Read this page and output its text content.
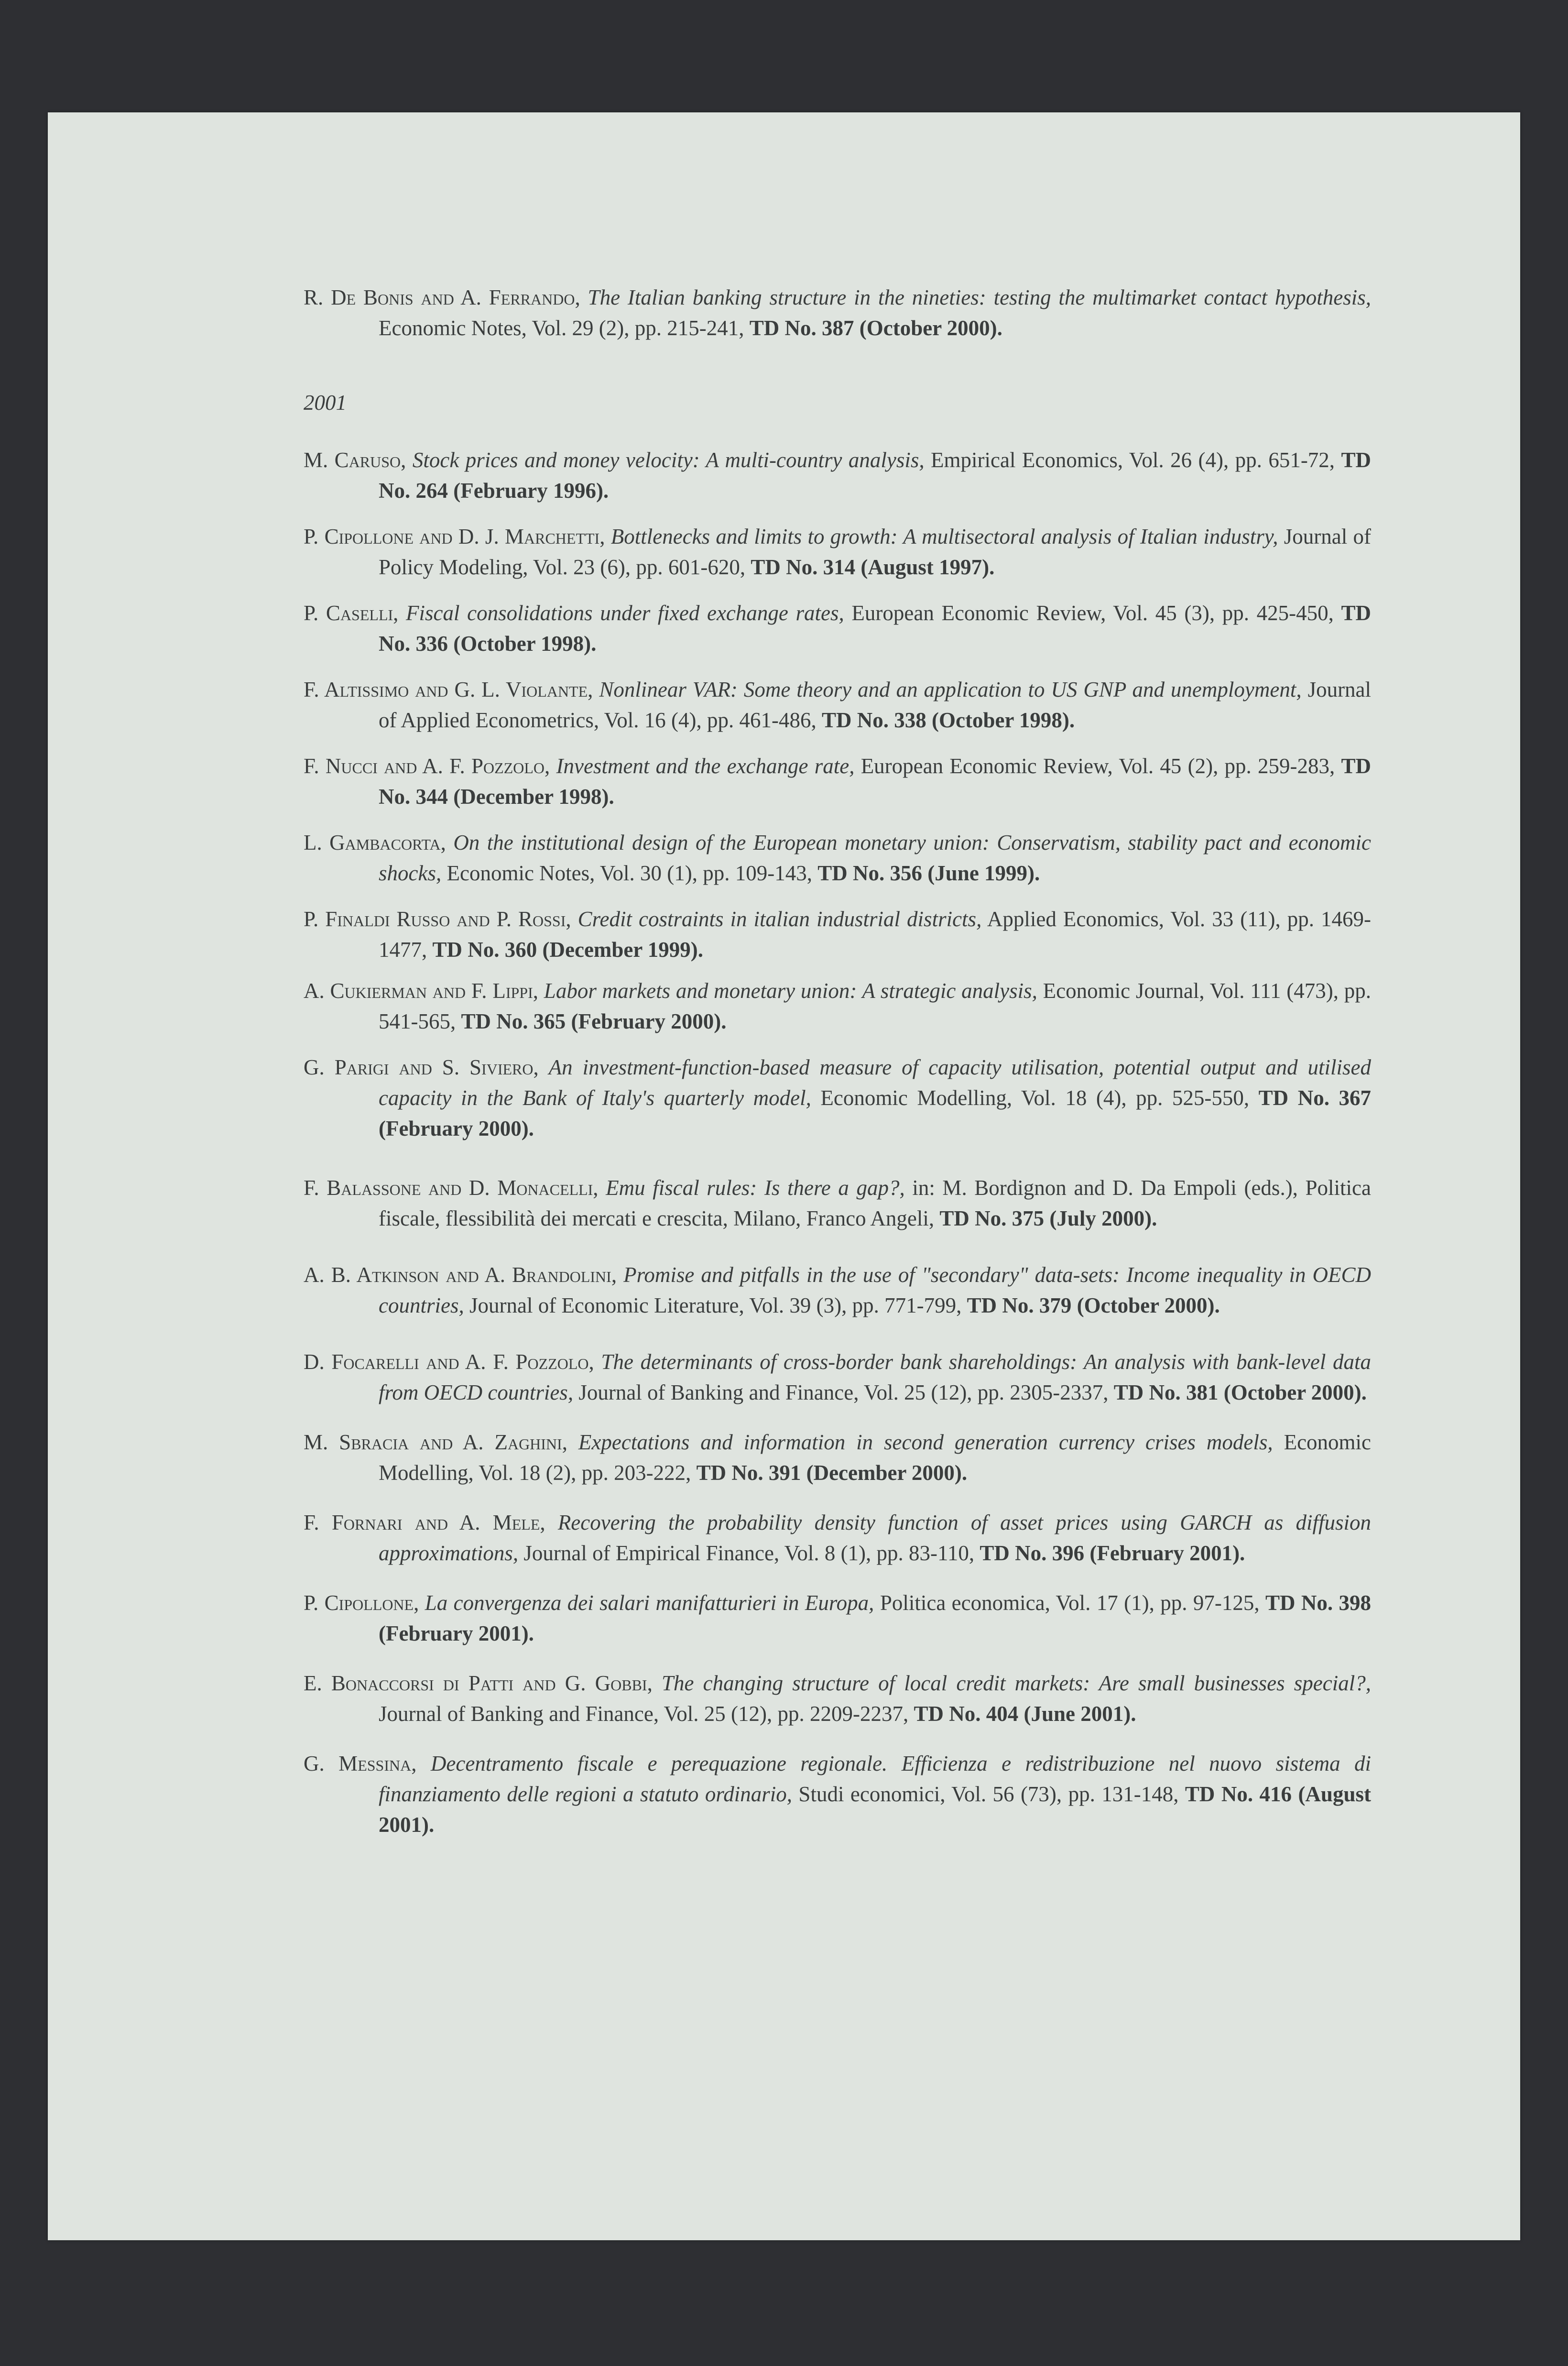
R. De Bonis and A. Ferrando, The Italian banking structure in the nineties: testing the multimarket contact hypothesis, Economic Notes, Vol. 29 (2), pp. 215-241, TD No. 387 (October 2000).

2001

M. Caruso, Stock prices and money velocity: A multi-country analysis, Empirical Economics, Vol. 26 (4), pp. 651-72, TD No. 264 (February 1996).

P. Cipollone and D. J. Marchetti, Bottlenecks and limits to growth: A multisectoral analysis of Italian industry, Journal of Policy Modeling, Vol. 23 (6), pp. 601-620, TD No. 314 (August 1997).

P. Caselli, Fiscal consolidations under fixed exchange rates, European Economic Review, Vol. 45 (3), pp. 425-450, TD No. 336 (October 1998).

F. Altissimo and G. L. Violante, Nonlinear VAR: Some theory and an application to US GNP and unemployment, Journal of Applied Econometrics, Vol. 16 (4), pp. 461-486, TD No. 338 (October 1998).

F. Nucci and A. F. Pozzolo, Investment and the exchange rate, European Economic Review, Vol. 45 (2), pp. 259-283, TD No. 344 (December 1998).

L. Gambacorta, On the institutional design of the European monetary union: Conservatism, stability pact and economic shocks, Economic Notes, Vol. 30 (1), pp. 109-143, TD No. 356 (June 1999).

P. Finaldi Russo and P. Rossi, Credit costraints in italian industrial districts, Applied Economics, Vol. 33 (11), pp. 1469-1477, TD No. 360 (December 1999).

A. Cukierman and F. Lippi, Labor markets and monetary union: A strategic analysis, Economic Journal, Vol. 111 (473), pp. 541-565, TD No. 365 (February 2000).

G. Parigi and S. Siviero, An investment-function-based measure of capacity utilisation, potential output and utilised capacity in the Bank of Italy's quarterly model, Economic Modelling, Vol. 18 (4), pp. 525-550, TD No. 367 (February 2000).

F. Balassone and D. Monacelli, Emu fiscal rules: Is there a gap?, in: M. Bordignon and D. Da Empoli (eds.), Politica fiscale, flessibilità dei mercati e crescita, Milano, Franco Angeli, TD No. 375 (July 2000).

A. B. Atkinson and A. Brandolini, Promise and pitfalls in the use of "secondary" data-sets: Income inequality in OECD countries, Journal of Economic Literature, Vol. 39 (3), pp. 771-799, TD No. 379 (October 2000).

D. Focarelli and A. F. Pozzolo, The determinants of cross-border bank shareholdings: An analysis with bank-level data from OECD countries, Journal of Banking and Finance, Vol. 25 (12), pp. 2305-2337, TD No. 381 (October 2000).

M. Sbracia and A. Zaghini, Expectations and information in second generation currency crises models, Economic Modelling, Vol. 18 (2), pp. 203-222, TD No. 391 (December 2000).

F. Fornari and A. Mele, Recovering the probability density function of asset prices using GARCH as diffusion approximations, Journal of Empirical Finance, Vol. 8 (1), pp. 83-110, TD No. 396 (February 2001).

P. Cipollone, La convergenza dei salari manifatturieri in Europa, Politica economica, Vol. 17 (1), pp. 97-125, TD No. 398 (February 2001).

E. Bonaccorsi di Patti and G. Gobbi, The changing structure of local credit markets: Are small businesses special?, Journal of Banking and Finance, Vol. 25 (12), pp. 2209-2237, TD No. 404 (June 2001).

G. Messina, Decentramento fiscale e perequazione regionale. Efficienza e redistribuzione nel nuovo sistema di finanziamento delle regioni a statuto ordinario, Studi economici, Vol. 56 (73), pp. 131-148, TD No. 416 (August 2001).
